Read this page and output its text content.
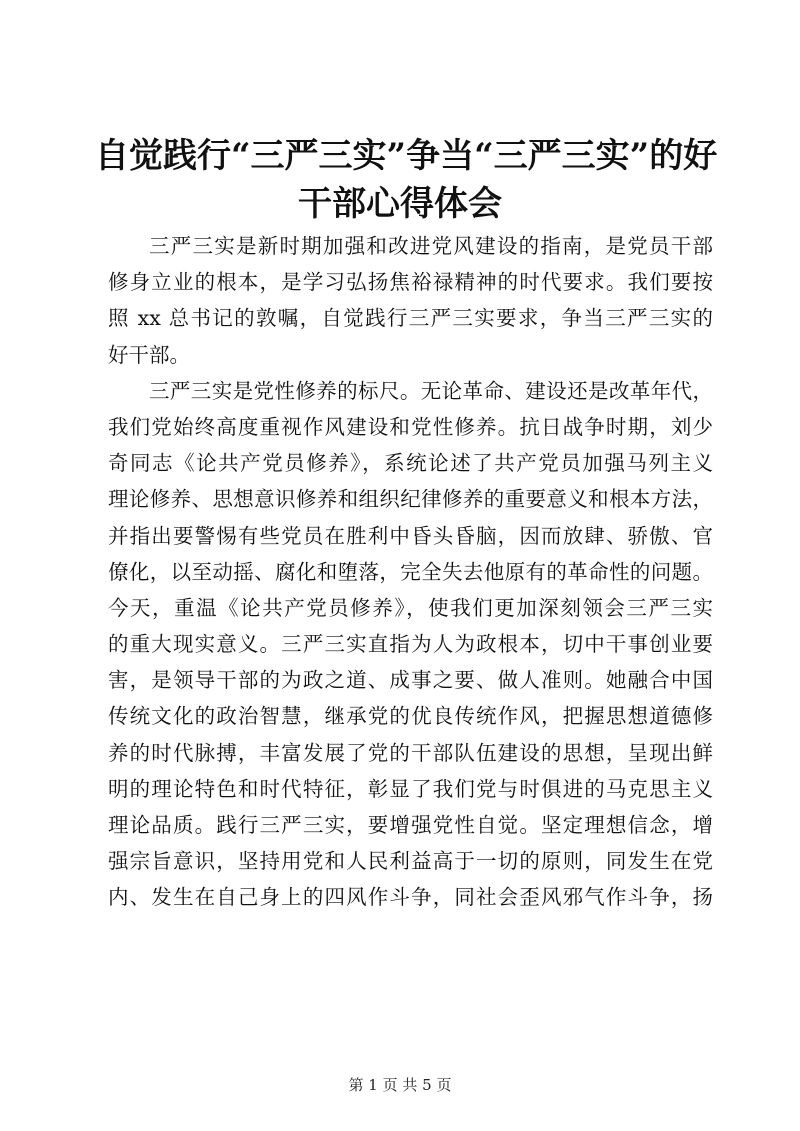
自觉践行“三严三实”争当“三严三实”的好
干部心得体会

三严三实是新时期加强和改进党风建设的指南，是党员干部
修身立业的根本，是学习弘扬焦裕禄精神的时代要求。我们要按
照 xx 总书记的敦嘱，自觉践行三严三实要求，争当三严三实的
好干部。

三严三实是党性修养的标尺。无论革命、建设还是改革年代，
我们党始终高度重视作风建设和党性修养。抗日战争时期，刘少
奇同志《论共产党员修养》，系统论述了共产党员加强马列主义
理论修养、思想意识修养和组织纪律修养的重要意义和根本方法，
并指出要警惕有些党员在胜利中昏头昏脑，因而放肆、骄傲、官
僚化，以至动摇、腐化和堕落，完全失去他原有的革命性的问题。
今天，重温《论共产党员修养》，使我们更加深刻领会三严三实
的重大现实意义。三严三实直指为人为政根本，切中干事创业要
害，是领导干部的为政之道、成事之要、做人准则。她融合中国
传统文化的政治智慧，继承党的优良传统作风，把握思想道德修
养的时代脉搏，丰富发展了党的干部队伍建设的思想，呈现出鲜
明的理论特色和时代特征，彰显了我们党与时俱进的马克思主义
理论品质。践行三严三实，要增强党性自觉。坚定理想信念，增
强宗旨意识，坚持用党和人民利益高于一切的原则，同发生在党
内、发生在自己身上的四风作斗争，同社会歪风邪气作斗争，扬

第 1 页 共 5 页
